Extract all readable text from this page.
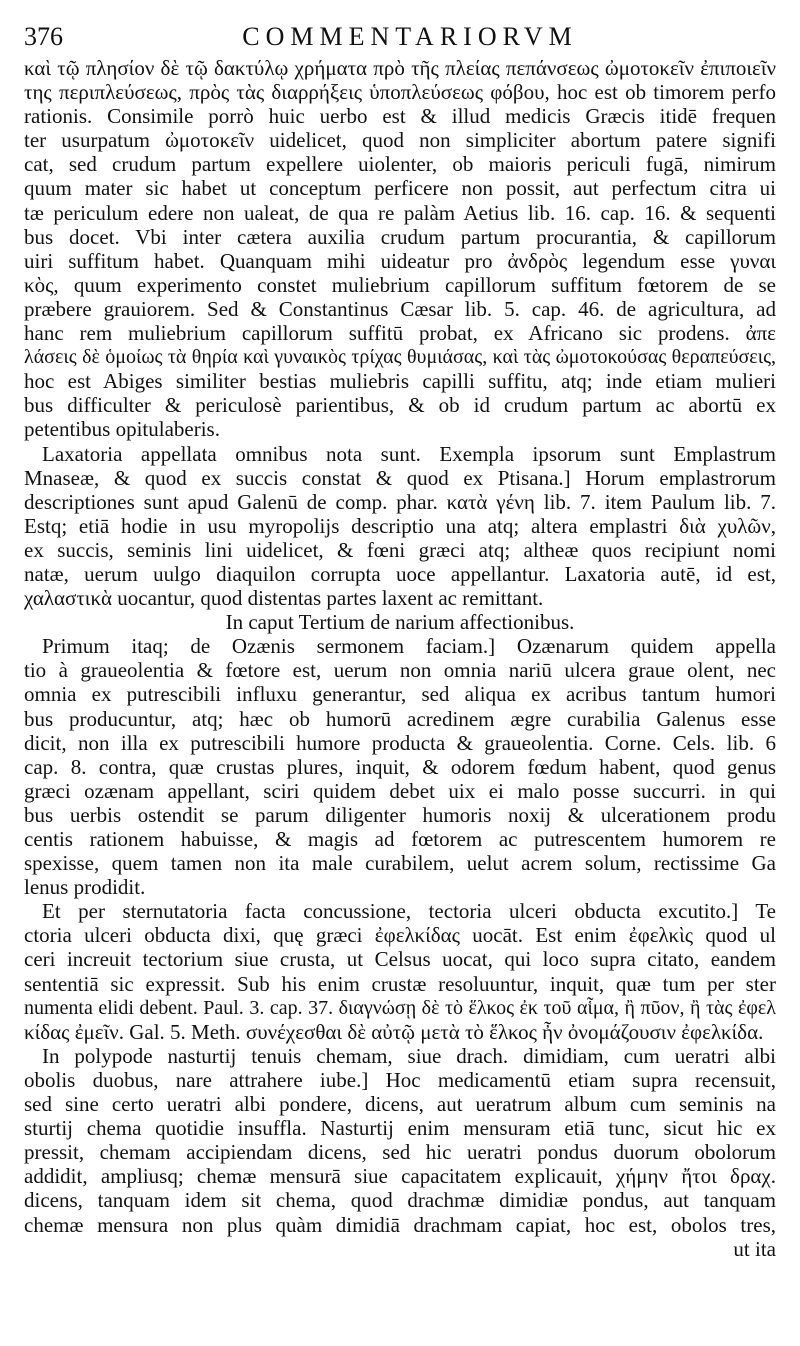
376	COMMENTARIORVM
καὶ τῷ πλησίον δὲ τῷ δακτύλῳ χρήματα πρὸ τῆς πλείας πεπάνσεως ὠμοτοκεῖν ἐπιποιεῖν
της περιπλεύσεως, πρὸς τὰς διαρρήξεις ὑποπλεύσεως φόβου, hoc est ob timorem perfo
rationis. Consimile porrò huic uerbo est & illud medicis Græcis itidē frequen
ter usurpatum ὠμοτοκεῖν uidelicet, quod non simpliciter abortum patere signifi
cat, sed crudum partum expellere uiolenter, ob maioris periculi fugā, nimirum
quum mater sic habet ut conceptum perficere non possit, aut perfectum citra ui
tæ periculum edere non ualeat, de qua re palàm Aetius lib. 16. cap. 16. & sequenti
bus docet. Vbi inter cætera auxilia crudum partum procurantia, & capillorum
uiri suffitum habet. Quanquam mihi uideatur pro ἀνδρὸς legendum esse γυναι
κὸς, quum experimento constet muliebrium capillorum suffitum fœtorem de se
præbere grauiorem. Sed & Constantinus Cæsar lib. 5. cap. 46. de agricultura, ad
hanc rem muliebrium capillorum suffitū probat, ex Africano sic prodens. ἀπε
λάσεις δὲ ὁμοίως τὰ θηρία καὶ γυναικὸς τρίχας θυμιάσας, καὶ τὰς ὠμοτοκούσας θεραπεύσεις,
hoc est Abiges similiter bestias muliebris capilli suffitu, atq; inde etiam mulieri
bus difficulter & periculosè parientibus, & ob id crudum partum ac abortū ex
petentibus opitulaberis.
Laxatoria appellata omnibus nota sunt. Exempla ipsorum sunt Emplastrum
Mnaseæ, & quod ex succis constat & quod ex Ptisana.] Horum emplastrorum
descriptiones sunt apud Galenū de comp. phar. κατὰ γένη lib. 7. item Paulum lib. 7.
Estq; etiā hodie in usu myropolijs descriptio una atq; altera emplastri διὰ χυλῶν,
ex succis, seminis lini uidelicet, & fœni græci atq; altheæ quos recipiunt nomi
natæ, uerum uulgo diaquilon corrupta uoce appellantur. Laxatoria autē, id est,
χαλαστικὰ uocantur, quod distentas partes laxent ac remittant.
In caput Tertium de narium affectionibus.
Primum itaq; de Ozænis sermonem faciam.] Ozænarum quidem appella
tio à graueolentia & fœtore est, uerum non omnia nariū ulcera graue olent, nec
omnia ex putrescibili influxu generantur, sed aliqua ex acribus tantum humori
bus producuntur, atq; hæc ob humorū acredinem ægre curabilia Galenus esse
dicit, non illa ex putrescibili humore producta & graueolentia. Corne. Cels. lib. 6
cap. 8. contra, quæ crustas plures, inquit, & odorem fœdum habent, quod genus
græci ozænam appellant, sciri quidem debet uix ei malo posse succurri. in qui
bus uerbis ostendit se parum diligenter humoris noxij & ulcerationem produ
centis rationem habuisse, & magis ad fœtorem ac putrescentem humorem re
spexisse, quem tamen non ita male curabilem, uelut acrem solum, rectissime Ga
lenus prodidit.
Et per sternutatoria facta concussione, tectoria ulceri obducta excutito.] Te
ctoria ulceri obducta dixi, quę græci ἐφελκίδας uocāt. Est enim ἐφελκὶς quod ul
ceri increuit tectorium siue crusta, ut Celsus uocat, qui loco supra citato, eandem
sententiā sic expressit. Sub his enim crustæ resoluuntur, inquit, quæ tum per ster
numenta elidi debent. Paul. 3. cap. 37. διαγνώσῃ δὲ τὸ ἕλκος ἐκ τοῦ αἷμα, ἢ πῦον, ἢ τὰς ἐφελ
κίδας ἐμεῖν. Gal. 5. Meth. συνέχεσθαι δὲ αὐτῷ μετὰ τὸ ἕλκος ἦν ὀνομάζουσιν ἐφελκίδα.
In polypode nasturtij tenuis chemam, siue drach. dimidiam, cum ueratri albi
obolis duobus, nare attrahere iube.] Hoc medicamentū etiam supra recensuit,
sed sine certo ueratri albi pondere, dicens, aut ueratrum album cum seminis na
sturtij chema quotidie insuffla. Nasturtij enim mensuram etiā tunc, sicut hic ex
pressit, chemam accipiendam dicens, sed hic ueratri pondus duorum obolorum
addidit, ampliusq; chemæ mensurā siue capacitatem explicauit, χήμην ἤτοι δραχ.
dicens, tanquam idem sit chema, quod drachmæ dimidiæ pondus, aut tanquam
chemæ mensura non plus quàm dimidiā drachmam capiat, hoc est, obolos tres,
ut ita
